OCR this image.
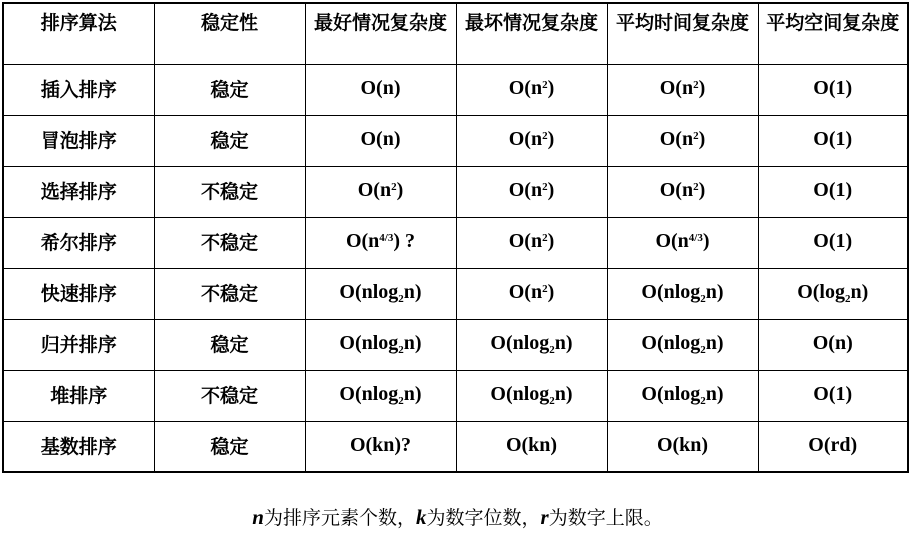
排序算法	稳定性	最好情况复杂度	最坏情况复杂度	平均时间复杂度	平均空间复杂度
插入排序	稳定	O(n)	$O(n^2)$	$O(n^2)$	O(1)
冒泡排序	稳定	O(n)	$O(n^2)$	$O(n^2)$	O(1)
选择排序	不稳定	$O(n^2)$	$O(n^2)$	$O(n^2)$	O(1)
希尔排序	不稳定	$O(n^{4/3})$ ?	$O(n^2)$	$O(n^{4/3})$	O(1)
快速排序	不稳定	O(nlog$_2$n)	$O(n^2)$	O(nlog$_2$n)	$O(\log_2n)$
归并排序	稳定	O(nlog$_2$n)	O(nlog$_2$n)	O(nlog$_2$n)	O(n)
堆排序	不稳定	O(nlog$_2$n)	O(nlog$_2$n)	O(nlog$_2$n)	O(1)
基数排序	稳定	O(kn)?	O(kn)	O(kn)	O(rd)
n为排序元素个数，k为数字位数，r为数字上限。
